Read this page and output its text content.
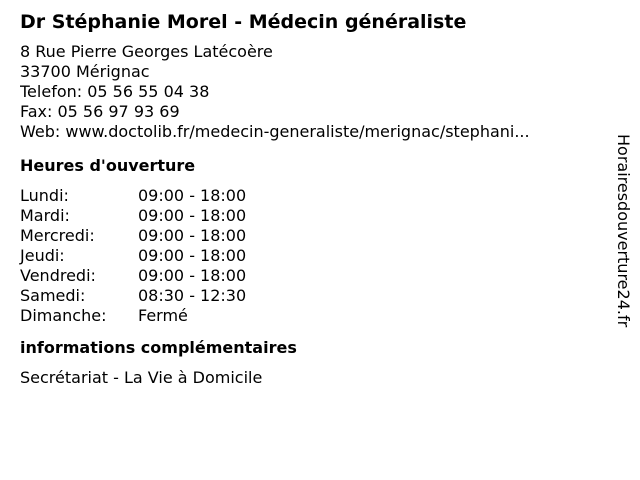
Dr Stéphanie Morel - Médecin généraliste
8 Rue Pierre Georges Latécoère
33700 Mérignac
Telefon: 05 56 55 04 38
Fax: 05 56 97 93 69
Web: www.doctolib.fr/medecin-generaliste/merignac/stephani...
Heures d'ouverture
Lundi:	09:00 - 18:00
Mardi:	09:00 - 18:00
Mercredi:	09:00 - 18:00
Jeudi:	09:00 - 18:00
Vendredi:	09:00 - 18:00
Samedi:	08:30 - 12:30
Dimanche:	Fermé
informations complémentaires
Secrétariat - La Vie à Domicile
Horairesdouverture24.fr
